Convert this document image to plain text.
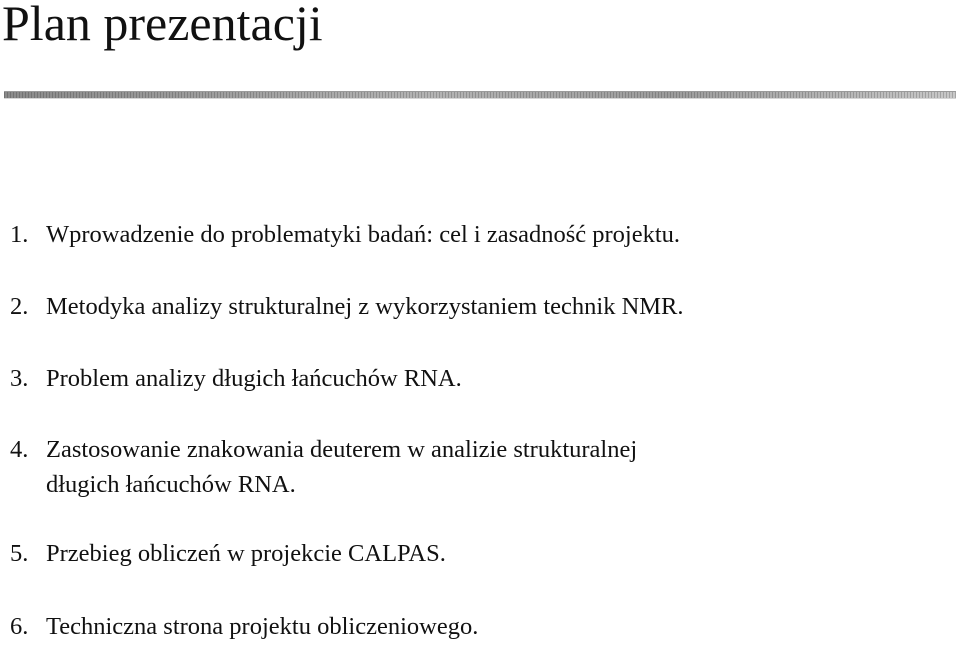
Plan prezentacji
1. Wprowadzenie do problematyki badań: cel i zasadność projektu.
2. Metodyka analizy strukturalnej z wykorzystaniem technik NMR.
3. Problem analizy długich łańcuchów RNA.
4. Zastosowanie znakowania deuterem w analizie strukturalnej
długich łańcuchów RNA.
5. Przebieg obliczeń w projekcie CALPAS.
6. Techniczna strona projektu obliczeniowego.
